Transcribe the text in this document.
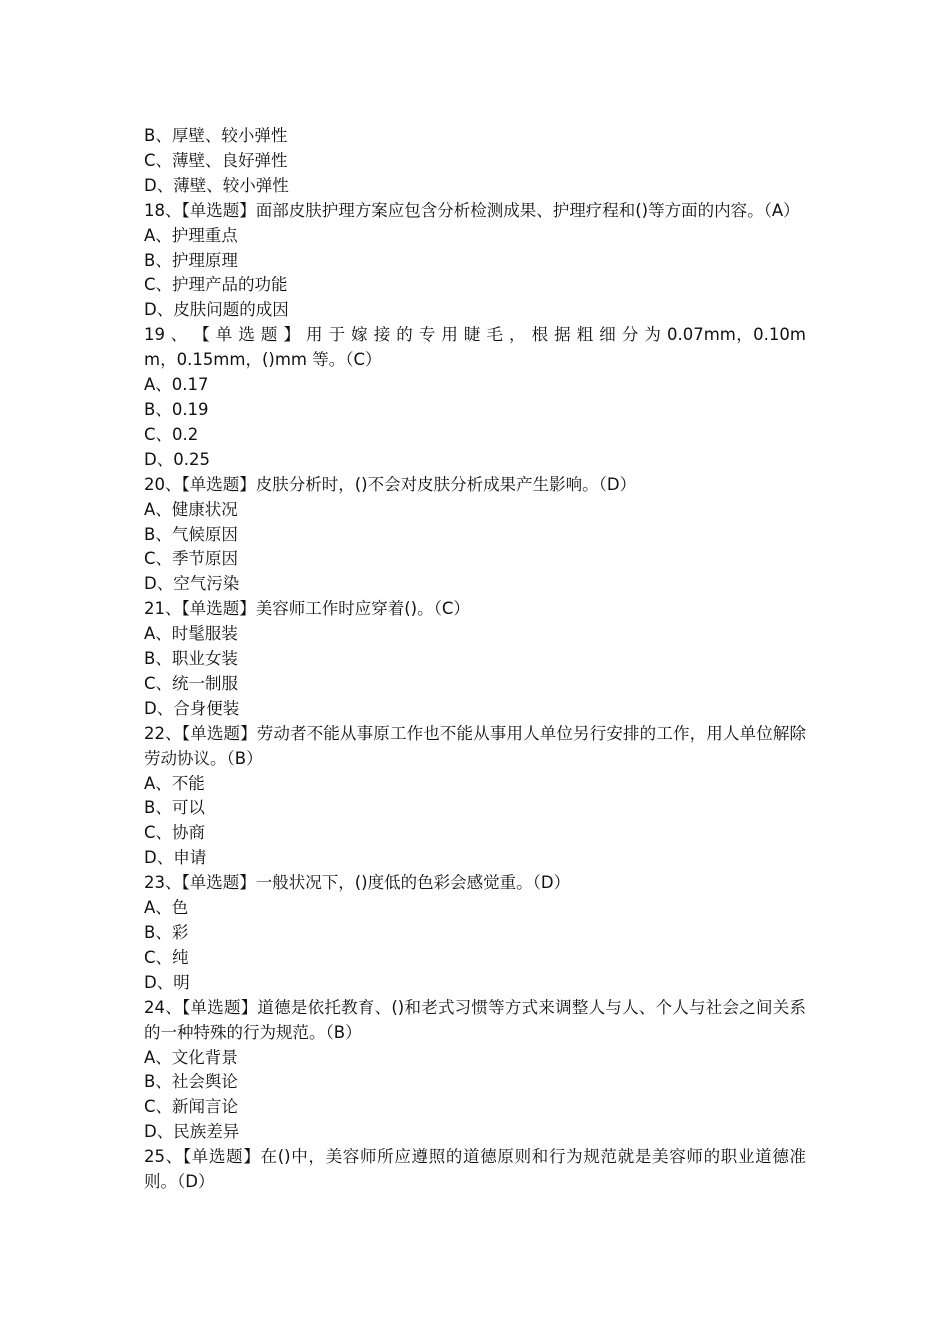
B、厚壁、较小弹性
C、薄壁、良好弹性
D、薄壁、较小弹性
18、【单选题】面部皮肤护理方案应包含分析检测成果、护理疗程和()等方面的内容。（A）
A、护理重点
B、护理原理
C、护理产品的功能
D、皮肤问题的成因
19 、 【 单 选 题 】 用 于 嫁 接 的 专 用 睫 毛 ， 根 据 粗 细 分 为 0.07mm，0.10mm，0.15mm，()mm 等。（C）
A、0.17
B、0.19
C、0.2
D、0.25
20、【单选题】皮肤分析时，()不会对皮肤分析成果产生影响。（D）
A、健康状况
B、气候原因
C、季节原因
D、空气污染
21、【单选题】美容师工作时应穿着()。（C）
A、时髦服装
B、职业女装
C、统一制服
D、合身便装
22、【单选题】劳动者不能从事原工作也不能从事用人单位另行安排的工作，用人单位解除劳动协议。（B）
A、不能
B、可以
C、协商
D、申请
23、【单选题】一般状况下，()度低的色彩会感觉重。（D）
A、色
B、彩
C、纯
D、明
24、【单选题】道德是依托教育、()和老式习惯等方式来调整人与人、个人与社会之间关系的一种特殊的行为规范。（B）
A、文化背景
B、社会舆论
C、新闻言论
D、民族差异
25、【单选题】在()中，美容师所应遵照的道德原则和行为规范就是美容师的职业道德准则。（D）
